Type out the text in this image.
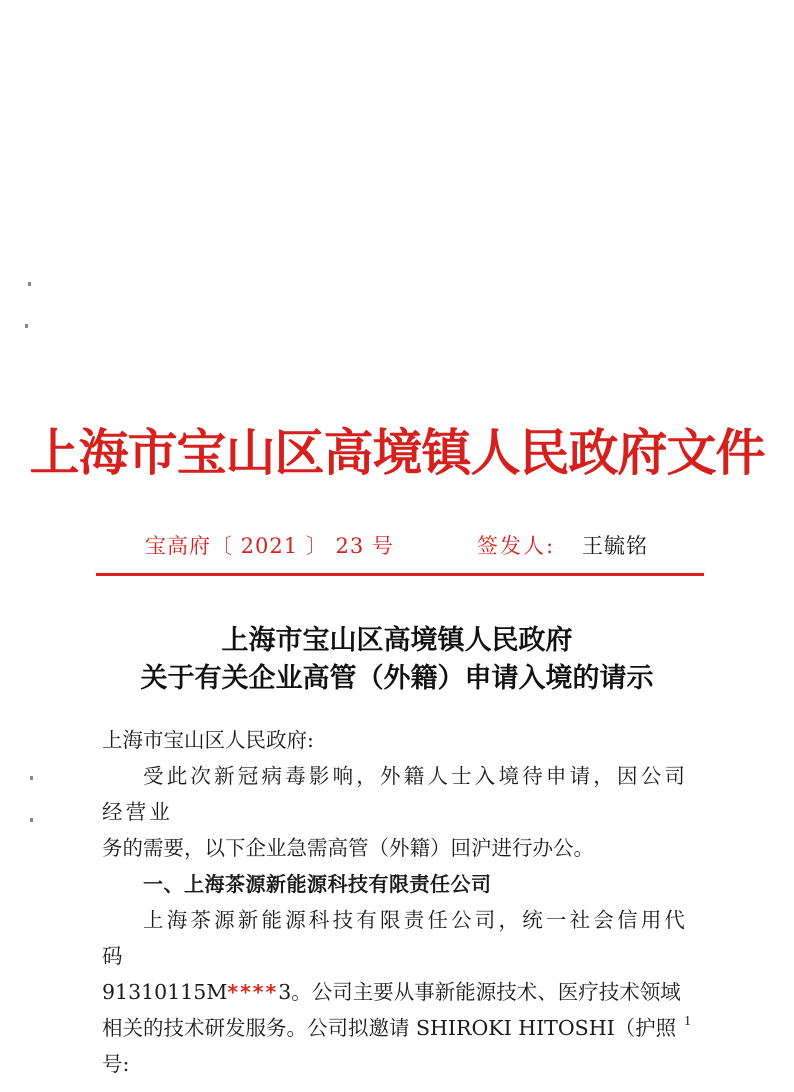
上海市宝山区高境镇人民政府文件
宝高府〔 2021 〕 23 号	签发人: 王毓铭
上海市宝山区高境镇人民政府
关于有关企业高管（外籍）申请入境的请示

上海市宝山区人民政府:

受此次新冠病毒影响，外籍人士入境待申请，因公司经营业

务的需要，以下企业急需高管（外籍）回沪进行办公。

一、上海茶源新能源科技有限责任公司

上海茶源新能源科技有限责任公司，统一社会信用代码

91310115M****3。公司主要从事新能源技术、医疗技术领域

相关的技术研发服务。公司拟邀请 SHIROKI HITOSHI（护照号:

1
